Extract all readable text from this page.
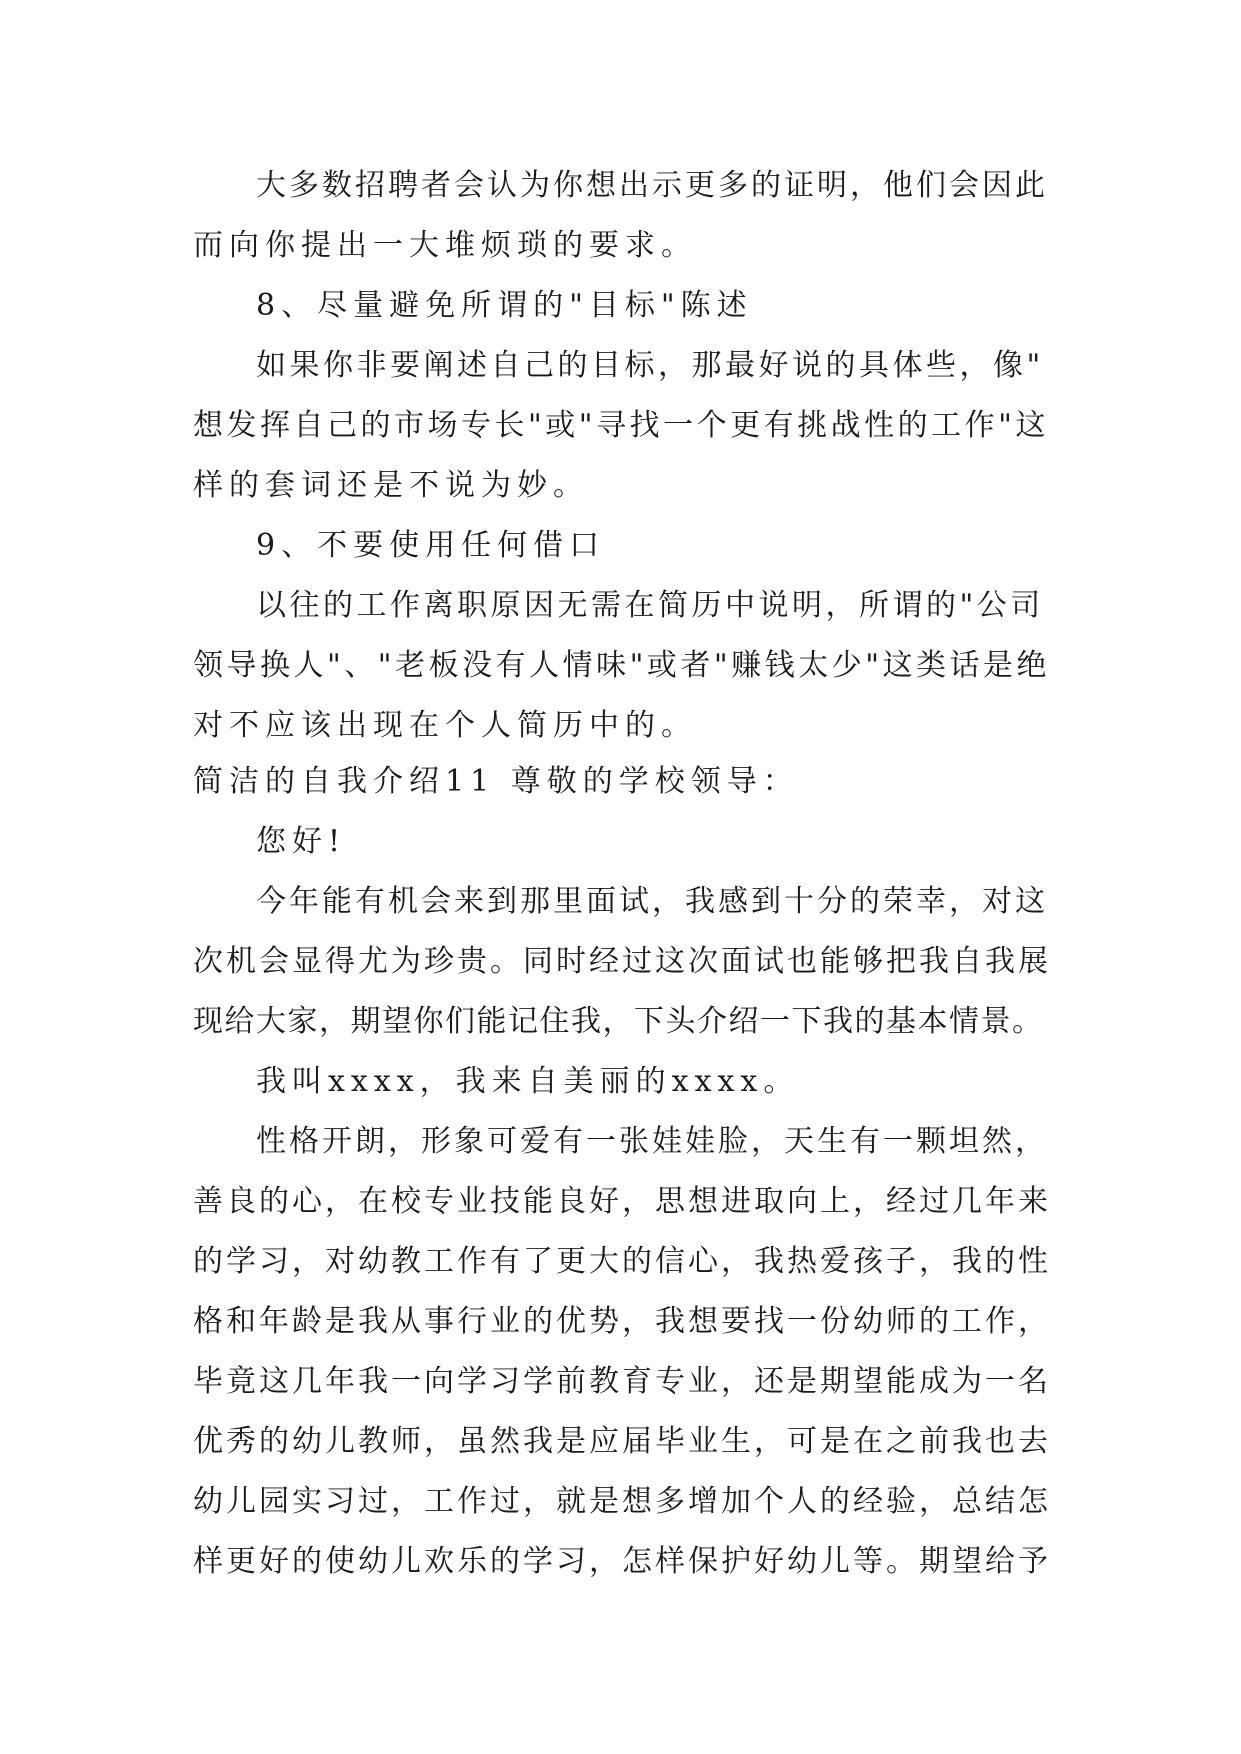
大多数招聘者会认为你想出示更多的证明，他们会因此
而向你提出一大堆烦琐的要求。
8、尽量避免所谓的"目标"陈述
如果你非要阐述自己的目标，那最好说的具体些，像"
想发挥自己的市场专长"或"寻找一个更有挑战性的工作"这
样的套词还是不说为妙。
9、不要使用任何借口
以往的工作离职原因无需在简历中说明，所谓的"公司
领导换人"、"老板没有人情味"或者"赚钱太少"这类话是绝
对不应该出现在个人简历中的。
简洁的自我介绍11 尊敬的学校领导：
您好!
今年能有机会来到那里面试，我感到十分的荣幸，对这
次机会显得尤为珍贵。同时经过这次面试也能够把我自我展
现给大家，期望你们能记住我，下头介绍一下我的基本情景。
我叫xxxx，我来自美丽的xxxx。
性格开朗，形象可爱有一张娃娃脸，天生有一颗坦然，
善良的心，在校专业技能良好，思想进取向上，经过几年来
的学习，对幼教工作有了更大的信心，我热爱孩子，我的性
格和年龄是我从事行业的优势，我想要找一份幼师的工作，
毕竟这几年我一向学习学前教育专业，还是期望能成为一名
优秀的幼儿教师，虽然我是应届毕业生，可是在之前我也去
幼儿园实习过，工作过，就是想多增加个人的经验，总结怎
样更好的使幼儿欢乐的学习，怎样保护好幼儿等。期望给予
